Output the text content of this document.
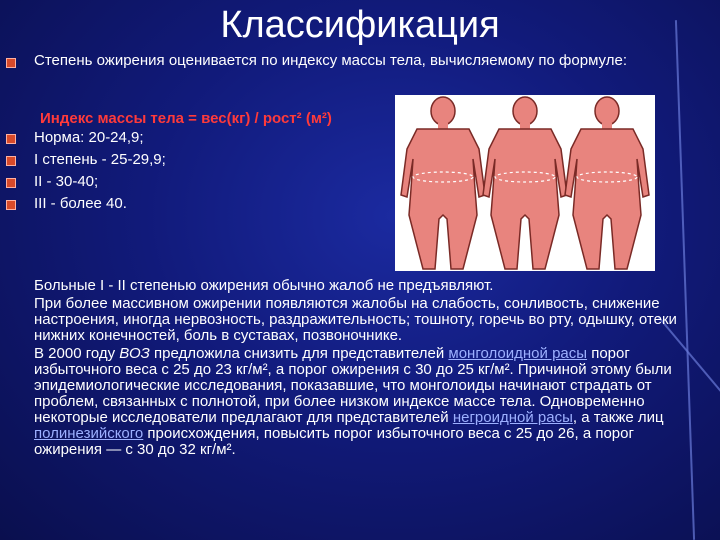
Классификация
Степень ожирения оценивается по индексу массы тела, вычисляемому по формуле:
Индекс массы тела = вес(кг) / рост² (м²)
Норма: 20-24,9;
I степень - 25-29,9;
II - 30-40;
III - более 40.

Больные I - II степенью ожирения обычно жалоб не предъявляют.

При более массивном ожирении появляются жалобы на слабость, сонливость, снижение настроения, иногда нервозность, раздражительность; тошноту, горечь во рту, одышку, отеки нижних конечностей, боль в суставах, позвоночнике.

В 2000 году ВОЗ предложила снизить для представителей монголоидной расы порог избыточного веса с 25 до 23 кг/м², а порог ожирения с 30 до 25 кг/м². Причиной этому были эпидемиологические исследования, показавшие, что монголоиды начинают страдать от проблем, связанных с полнотой, при более низком индексе массе тела. Одновременно некоторые исследователи предлагают для представителей негроидной расы, а также лиц полинезийского происхождения, повысить порог избыточного веса с 25 до 26, а порог ожирения — с 30 до 32 кг/м².
